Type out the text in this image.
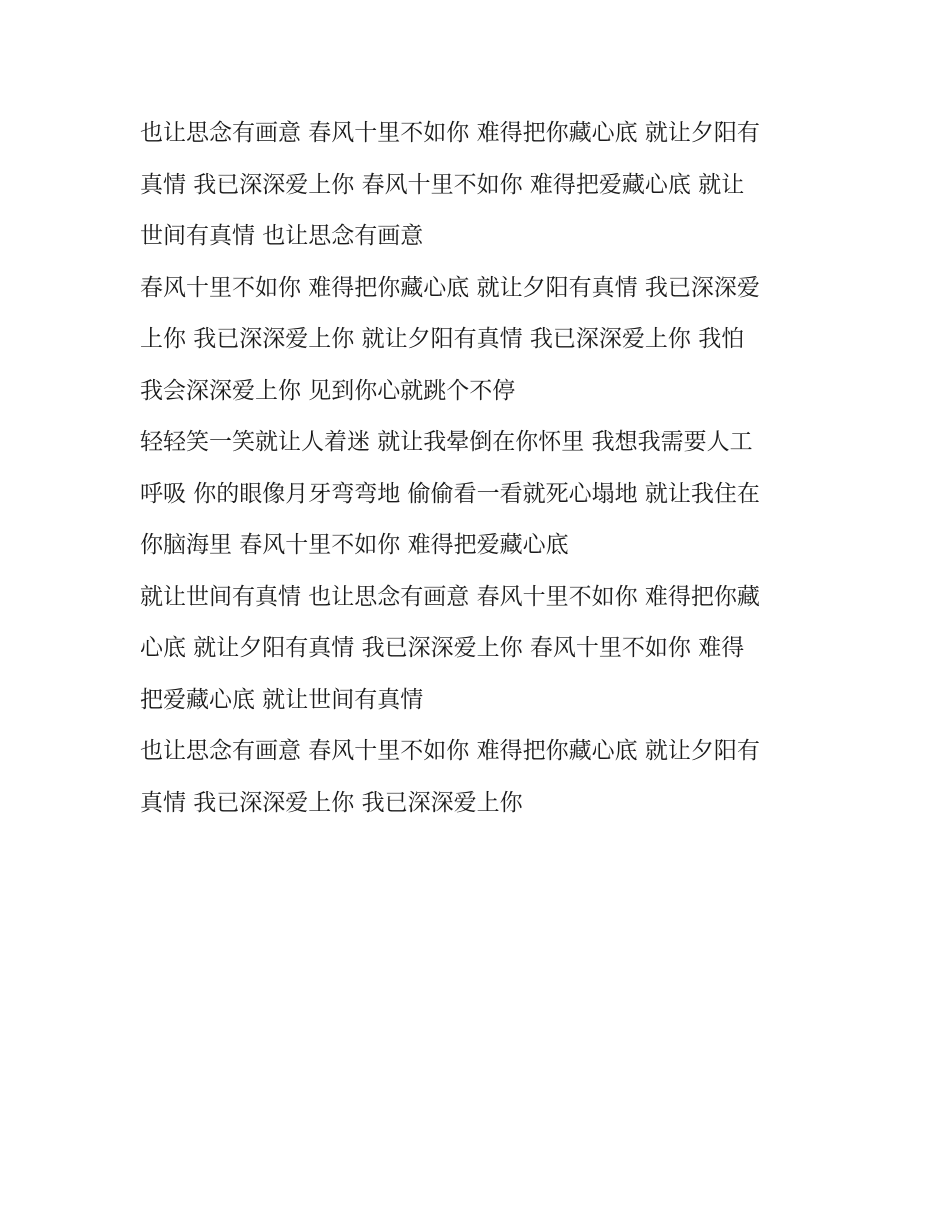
也让思念有画意 春风十里不如你 难得把你藏心底 就让夕阳有
真情 我已深深爱上你 春风十里不如你 难得把爱藏心底 就让
世间有真情 也让思念有画意
春风十里不如你 难得把你藏心底 就让夕阳有真情 我已深深爱
上你 我已深深爱上你 就让夕阳有真情 我已深深爱上你 我怕
我会深深爱上你 见到你心就跳个不停
轻轻笑一笑就让人着迷 就让我晕倒在你怀里 我想我需要人工
呼吸 你的眼像月牙弯弯地 偷偷看一看就死心塌地 就让我住在
你脑海里 春风十里不如你 难得把爱藏心底
就让世间有真情 也让思念有画意 春风十里不如你 难得把你藏
心底 就让夕阳有真情 我已深深爱上你 春风十里不如你 难得
把爱藏心底 就让世间有真情
也让思念有画意 春风十里不如你 难得把你藏心底 就让夕阳有
真情 我已深深爱上你 我已深深爱上你
